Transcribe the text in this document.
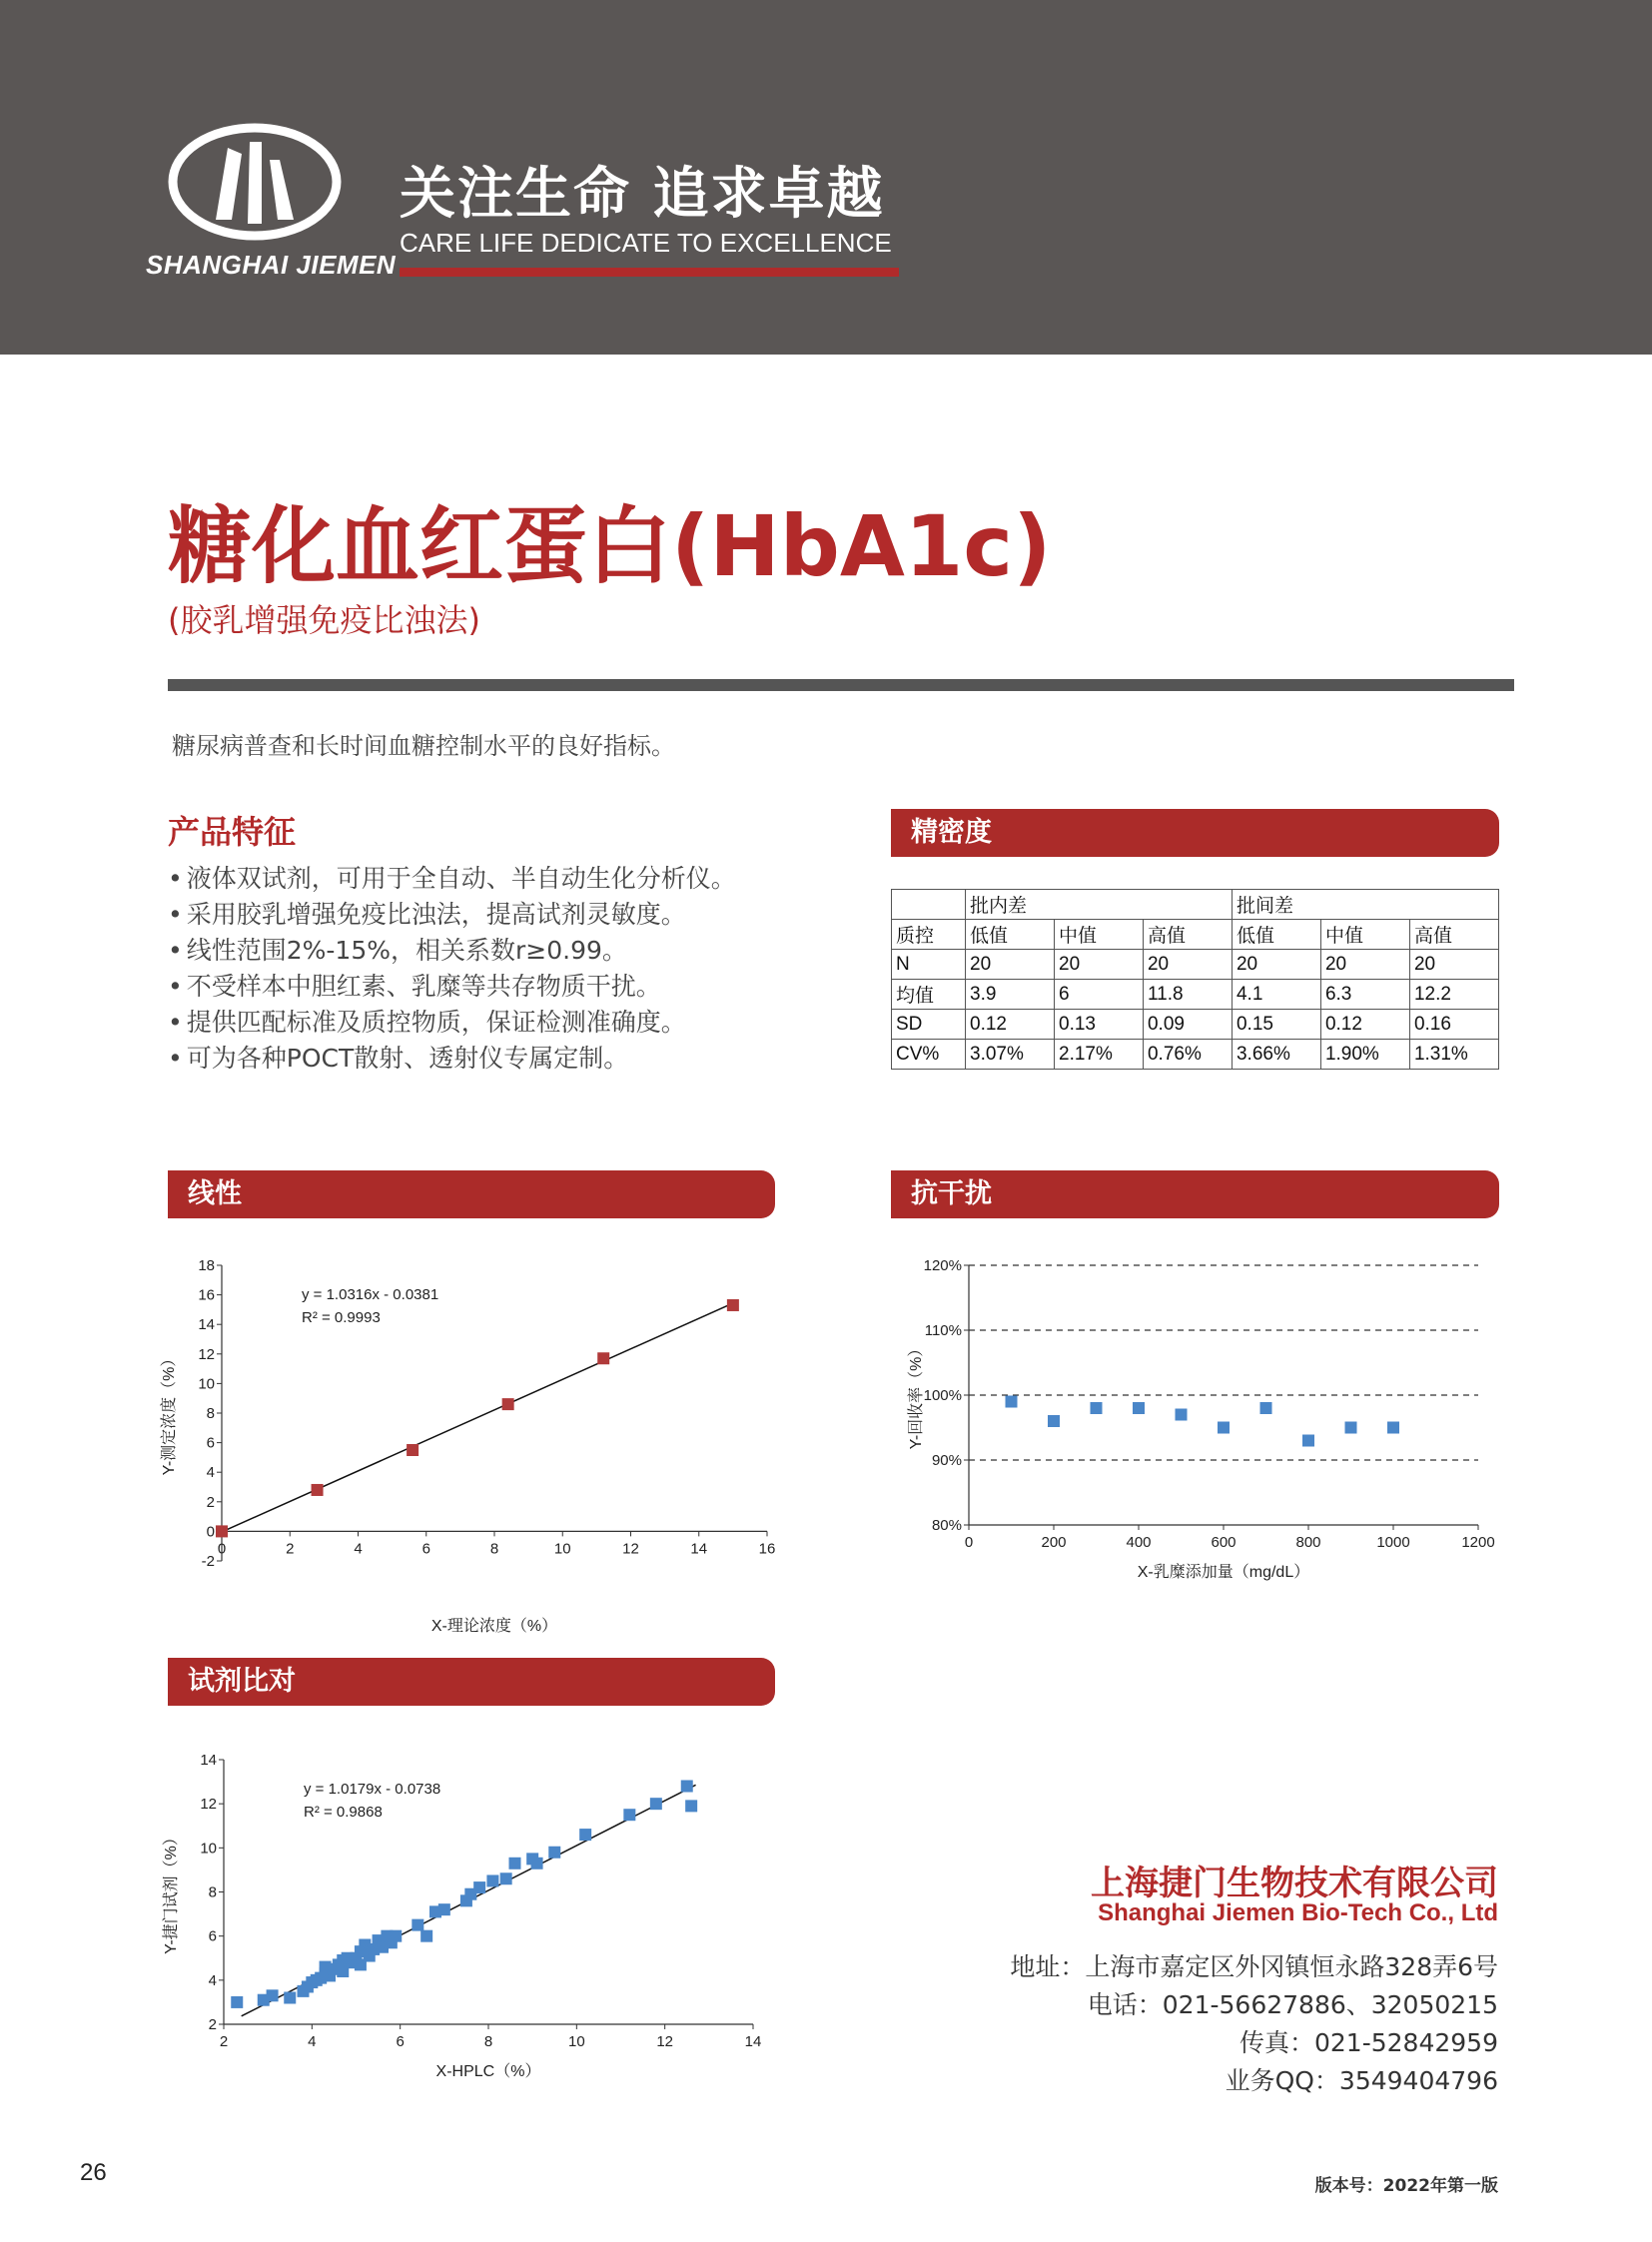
SHANGHAI JIEMEN
关注生命 追求卓越
CARE LIFE DEDICATE TO EXCELLENCE
糖化血红蛋白(HbA1c)
(胶乳增强免疫比浊法)
糖尿病普查和长时间血糖控制水平的良好指标。
产品特征
• 液体双试剂，可用于全自动、半自动生化分析仪。
• 采用胶乳增强免疫比浊法，提高试剂灵敏度。
• 线性范围2%-15%，相关系数r≥0.99。
• 不受样本中胆红素、乳糜等共存物质干扰。
• 提供匹配标准及质控物质，保证检测准确度。
• 可为各种POCT散射、透射仪专属定制。
精密度
	批内差			批间差		
质控	低值	中值	高值	低值	中值	高值
N	20	20	20	20	20	20
均值	3.9	6	11.8	4.1	6.3	12.2
SD	0.12	0.13	0.09	0.15	0.12	0.16
CV%	3.07%	2.17%	0.76%	3.66%	1.90%	1.31%
线性	抗干扰
试剂比对
-2
0
2
4
6
8
10
12
14
16
18
0	2	4	6	8	10	12	14	16
X-理论浓度（%）
Y-测定浓度（%）
y = 1.0316x - 0.0381
R² = 0.9993
80%
90%
100%
110%
120%
0	200	400	600	800	1000	1200
X-乳糜添加量（mg/dL）
Y-回收率（%）
2
4
6
8
10
12
14
2	4	6	8	10	12	14
X-HPLC（%）
Y-捷门试剂（%）
y = 1.0179x - 0.0738
R² = 0.9868
上海捷门生物技术有限公司
Shanghai Jiemen Bio-Tech Co., Ltd
地址：上海市嘉定区外冈镇恒永路328弄6号
电话：021-56627886、32050215
传真：021-52842959
业务QQ：3549404796
26	版本号：2022年第一版
